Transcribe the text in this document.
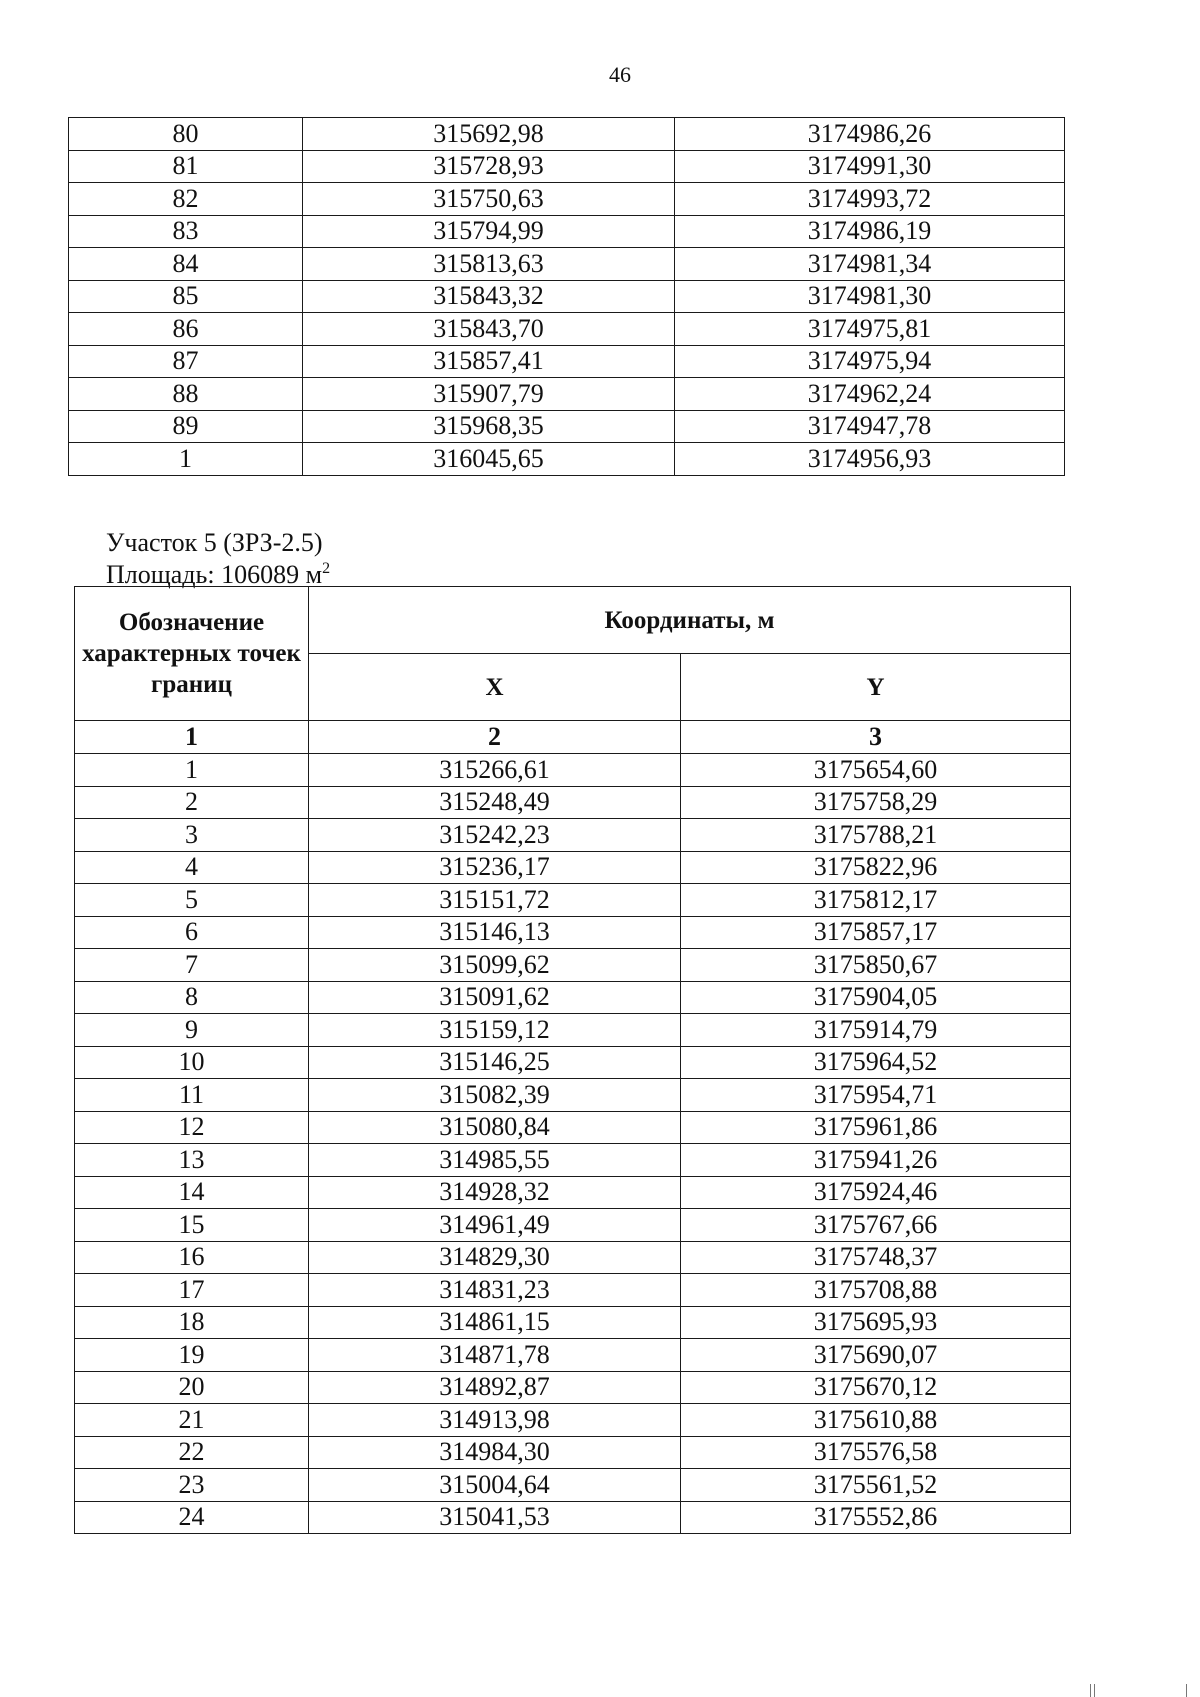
46
80	315692,98	3174986,26
81	315728,93	3174991,30
82	315750,63	3174993,72
83	315794,99	3174986,19
84	315813,63	3174981,34
85	315843,32	3174981,30
86	315843,70	3174975,81
87	315857,41	3174975,94
88	315907,79	3174962,24
89	315968,35	3174947,78
1	316045,65	3174956,93
Участок 5 (ЗРЗ-2.5)
Площадь: 106089 $м^2$
Обозначение характерных точек границ	Координаты, м	
	X	Y
1	2	3
1	315266,61	3175654,60
2	315248,49	3175758,29
3	315242,23	3175788,21
4	315236,17	3175822,96
5	315151,72	3175812,17
6	315146,13	3175857,17
7	315099,62	3175850,67
8	315091,62	3175904,05
9	315159,12	3175914,79
10	315146,25	3175964,52
11	315082,39	3175954,71
12	315080,84	3175961,86
13	314985,55	3175941,26
14	314928,32	3175924,46
15	314961,49	3175767,66
16	314829,30	3175748,37
17	314831,23	3175708,88
18	314861,15	3175695,93
19	314871,78	3175690,07
20	314892,87	3175670,12
21	314913,98	3175610,88
22	314984,30	3175576,58
23	315004,64	3175561,52
24	315041,53	3175552,86
